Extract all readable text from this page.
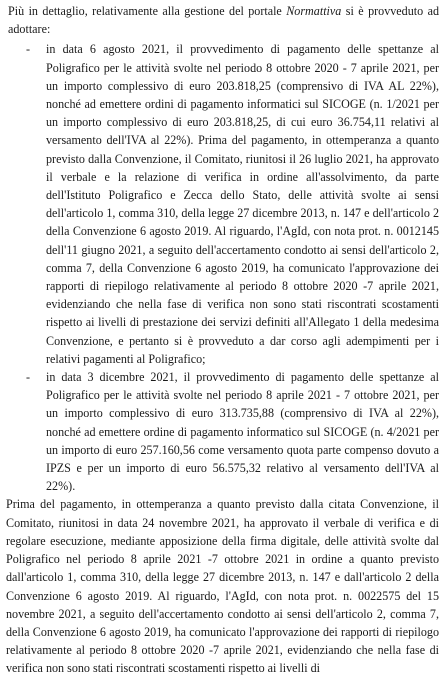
Più in dettaglio, relativamente alla gestione del portale Normattiva si è provveduto ad adottare:

- in data 6 agosto 2021, il provvedimento di pagamento delle spettanze al Poligrafico per le attività svolte nel periodo 8 ottobre 2020 - 7 aprile 2021, per un importo complessivo di euro 203.818,25 (comprensivo di IVA AL 22%), nonché ad emettere ordini di pagamento informatici sul SICOGE (n. 1/2021 per un importo complessivo di euro 203.818,25, di cui euro 36.754,11 relativi al versamento dell'IVA al 22%). Prima del pagamento, in ottemperanza a quanto previsto dalla Convenzione, il Comitato, riunitosi il 26 luglio 2021, ha approvato il verbale e la relazione di verifica in ordine all'assolvimento, da parte dell'Istituto Poligrafico e Zecca dello Stato, delle attività svolte ai sensi dell'articolo 1, comma 310, della legge 27 dicembre 2013, n. 147 e dell'articolo 2 della Convenzione 6 agosto 2019. Al riguardo, l'AgId, con nota prot. n. 0012145 dell'11 giugno 2021, a seguito dell'accertamento condotto ai sensi dell'articolo 2, comma 7, della Convenzione 6 agosto 2019, ha comunicato l'approvazione dei rapporti di riepilogo relativamente al periodo 8 ottobre 2020 -7 aprile 2021, evidenziando che nella fase di verifica non sono stati riscontrati scostamenti rispetto ai livelli di prestazione dei servizi definiti all'Allegato 1 della medesima Convenzione, e pertanto si è provveduto a dar corso agli adempimenti per i relativi pagamenti al Poligrafico;
- in data 3 dicembre 2021, il provvedimento di pagamento delle spettanze al Poligrafico per le attività svolte nel periodo 8 aprile 2021 - 7 ottobre 2021, per un importo complessivo di euro 313.735,88 (comprensivo di IVA al 22%), nonché ad emettere ordine di pagamento informatico sul SICOGE (n. 4/2021 per un importo di euro 257.160,56 come versamento quota parte compenso dovuto a IPZS e per un importo di euro 56.575,32 relativo al versamento dell'IVA al 22%).

Prima del pagamento, in ottemperanza a quanto previsto dalla citata Convenzione, il Comitato, riunitosi in data 24 novembre 2021, ha approvato il verbale di verifica e di regolare esecuzione, mediante apposizione della firma digitale, delle attività svolte dal Poligrafico nel periodo 8 aprile 2021 -7 ottobre 2021 in ordine a quanto previsto dall'articolo 1, comma 310, della legge 27 dicembre 2013, n. 147 e dall'articolo 2 della Convenzione 6 agosto 2019. Al riguardo, l'AgId, con nota prot. n. 0022575 del 15 novembre 2021, a seguito dell'accertamento condotto ai sensi dell'articolo 2, comma 7, della Convenzione 6 agosto 2019, ha comunicato l'approvazione dei rapporti di riepilogo relativamente al periodo 8 ottobre 2020 -7 aprile 2021, evidenziando che nella fase di verifica non sono stati riscontrati scostamenti rispetto ai livelli di
